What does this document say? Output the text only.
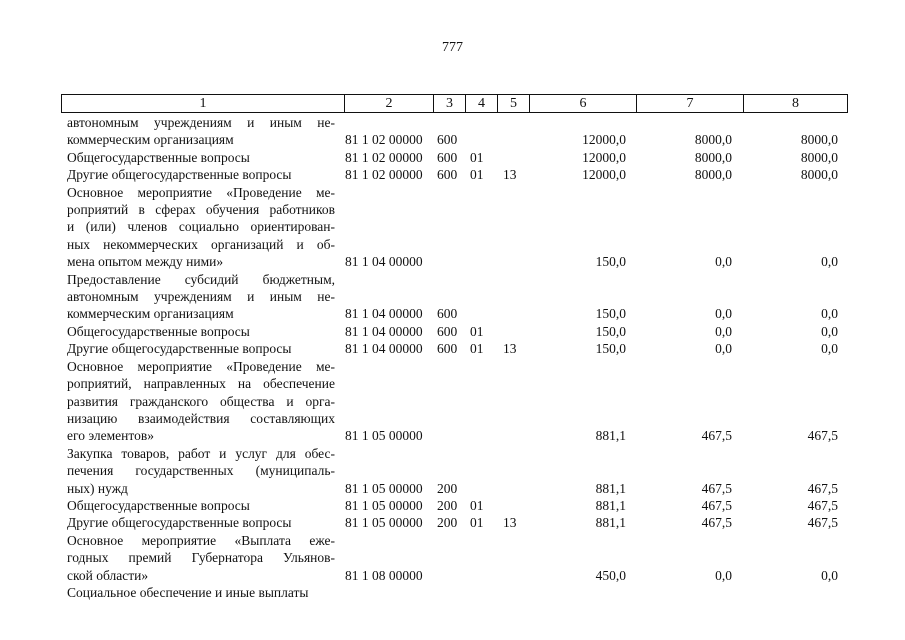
777
1	2	3	4	5	6	7	8
автономным учреждениям и иным не-
коммерческим организациям	81 1 02 00000 600	12000,0	8000,0	8000,0
Общегосударственные вопросы	81 1 02 00000 600 01	12000,0	8000,0	8000,0
Другие общегосударственные вопросы	81 1 02 00000 600 01 13	12000,0	8000,0	8000,0
Основное мероприятие «Проведение ме-
роприятий в сферах обучения работников
и (или) членов социально ориентирован-
ных некоммерческих организаций и об-
мена опытом между ними»	81 1 04 00000	150,0	0,0	0,0
Предоставление субсидий бюджетным,
автономным учреждениям и иным не-
коммерческим организациям	81 1 04 00000 600	150,0	0,0	0,0
Общегосударственные вопросы	81 1 04 00000 600 01	150,0	0,0	0,0
Другие общегосударственные вопросы	81 1 04 00000 600 01 13	150,0	0,0	0,0
Основное мероприятие «Проведение ме-
роприятий, направленных на обеспечение
развития гражданского общества и орга-
низацию взаимодействия составляющих
его элементов»	81 1 05 00000	881,1	467,5	467,5
Закупка товаров, работ и услуг для обес-
печения государственных (муниципаль-
ных) нужд	81 1 05 00000 200	881,1	467,5	467,5
Общегосударственные вопросы	81 1 05 00000 200 01	881,1	467,5	467,5
Другие общегосударственные вопросы	81 1 05 00000 200 01 13	881,1	467,5	467,5
Основное мероприятие «Выплата еже-
годных премий Губернатора Ульянов-
ской области»	81 1 08 00000	450,0	0,0	0,0
Социальное обеспечение и иные выплаты
